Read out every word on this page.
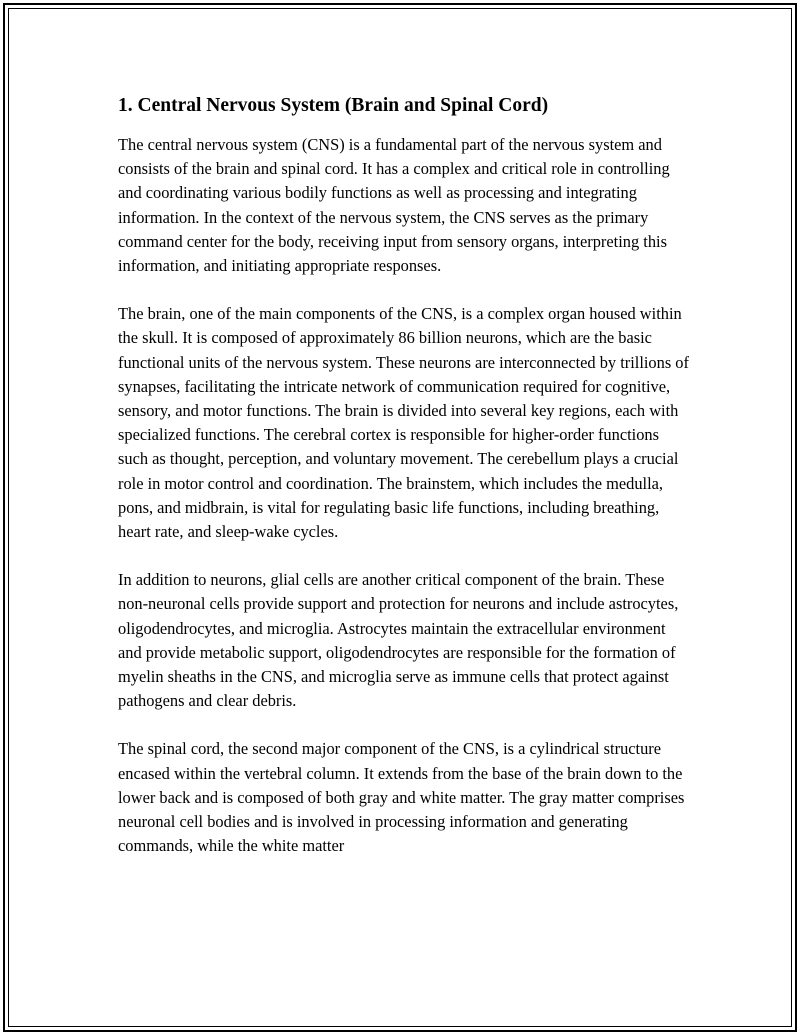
1. Central Nervous System (Brain and Spinal Cord)

The central nervous system (CNS) is a fundamental part of the nervous system and consists of the brain and spinal cord. It has a complex and critical role in controlling and coordinating various bodily functions as well as processing and integrating information. In the context of the nervous system, the CNS serves as the primary command center for the body, receiving input from sensory organs, interpreting this information, and initiating appropriate responses.

The brain, one of the main components of the CNS, is a complex organ housed within the skull. It is composed of approximately 86 billion neurons, which are the basic functional units of the nervous system. These neurons are interconnected by trillions of synapses, facilitating the intricate network of communication required for cognitive, sensory, and motor functions. The brain is divided into several key regions, each with specialized functions. The cerebral cortex is responsible for higher-order functions such as thought, perception, and voluntary movement. The cerebellum plays a crucial role in motor control and coordination. The brainstem, which includes the medulla, pons, and midbrain, is vital for regulating basic life functions, including breathing, heart rate, and sleep-wake cycles.

In addition to neurons, glial cells are another critical component of the brain. These non-neuronal cells provide support and protection for neurons and include astrocytes, oligodendrocytes, and microglia. Astrocytes maintain the extracellular environment and provide metabolic support, oligodendrocytes are responsible for the formation of myelin sheaths in the CNS, and microglia serve as immune cells that protect against pathogens and clear debris.

The spinal cord, the second major component of the CNS, is a cylindrical structure encased within the vertebral column. It extends from the base of the brain down to the lower back and is composed of both gray and white matter. The gray matter comprises neuronal cell bodies and is involved in processing information and generating commands, while the white matter
